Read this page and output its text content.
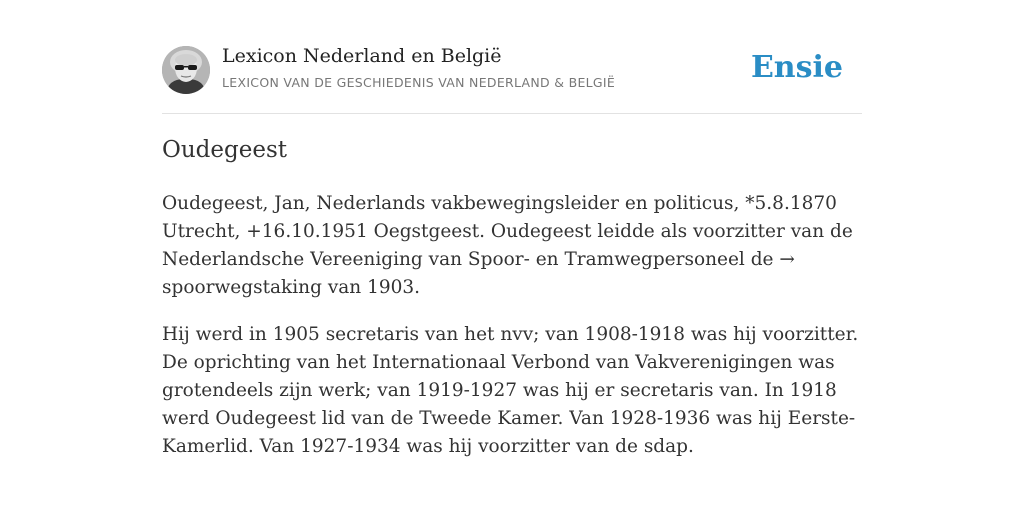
Lexicon Nederland en België
LEXICON VAN DE GESCHIEDENIS VAN NEDERLAND & BELGIË	Ensie
Oudegeest

Oudegeest, Jan, Nederlands vakbewegingsleider en politicus, *5.8.1870 Utrecht, +16.10.1951 Oegstgeest. Oudegeest leidde als voorzitter van de Nederlandsche Vereeniging van Spoor- en Tramwegpersoneel de → spoorwegstaking van 1903.

Hij werd in 1905 secretaris van het nvv; van 1908-1918 was hij voorzitter. De oprichting van het Internationaal Verbond van Vakverenigingen was grotendeels zijn werk; van 1919-1927 was hij er secretaris van. In 1918 werd Oudegeest lid van de Tweede Kamer. Van 1928-1936 was hij Eerste-Kamerlid. Van 1927-1934 was hij voorzitter van de sdap.
